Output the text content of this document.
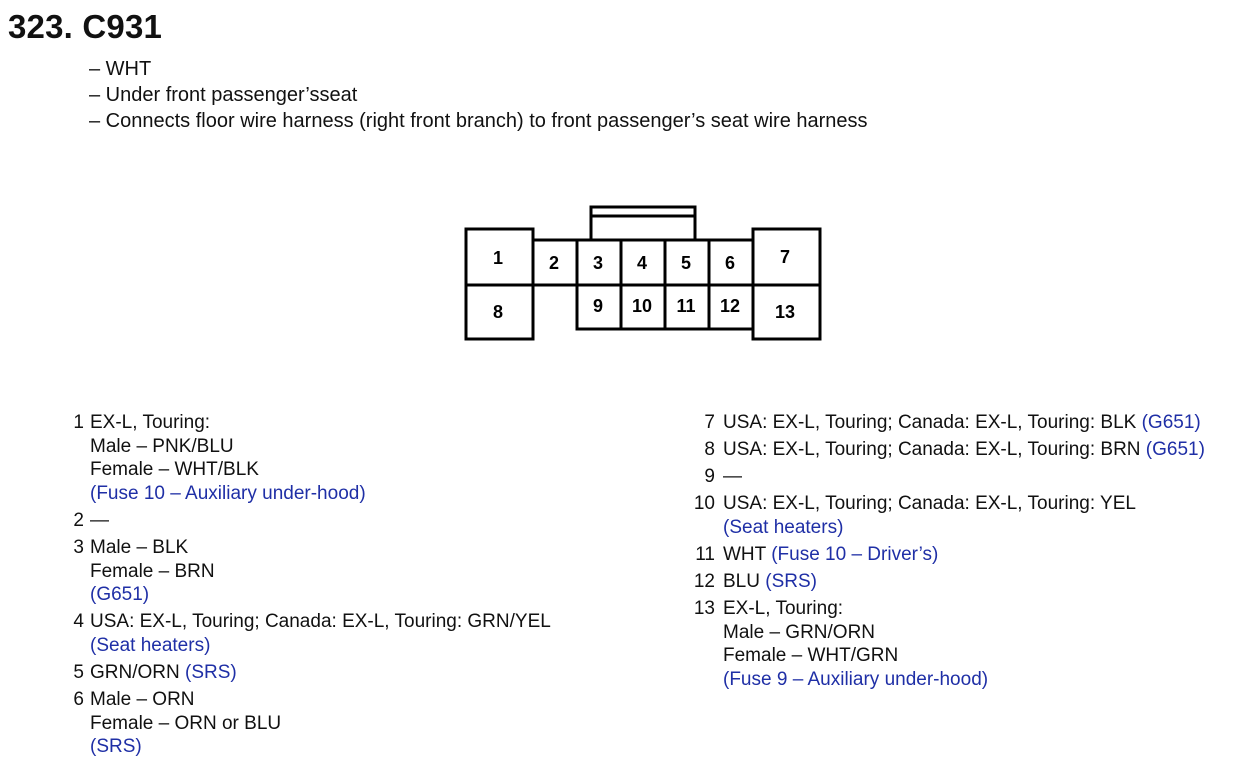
323. C931
– WHT
– Under front passenger’sseat
– Connects floor wire harness (right front branch) to front passenger’s seat wire harness
1	2 3 4 5 6 7
8	9 10 11 12 13
1 EX-L, Touring:
Male – PNK/BLU
Female – WHT/BLK
(Fuse 10 – Auxiliary under-hood)
2 —
3 Male – BLK
Female – BRN
(G651)
4 USA: EX-L, Touring; Canada: EX-L, Touring: GRN/YEL
(Seat heaters)
5 GRN/ORN (SRS)
6 Male – ORN
Female – ORN or BLU
(SRS)
7 USA: EX-L, Touring; Canada: EX-L, Touring: BLK (G651)
8 USA: EX-L, Touring; Canada: EX-L, Touring: BRN (G651)
9 —
10 USA: EX-L, Touring; Canada: EX-L, Touring: YEL
(Seat heaters)
11 WHT (Fuse 10 – Driver’s)
12 BLU (SRS)
13 EX-L, Touring:
Male – GRN/ORN
Female – WHT/GRN
(Fuse 9 – Auxiliary under-hood)
